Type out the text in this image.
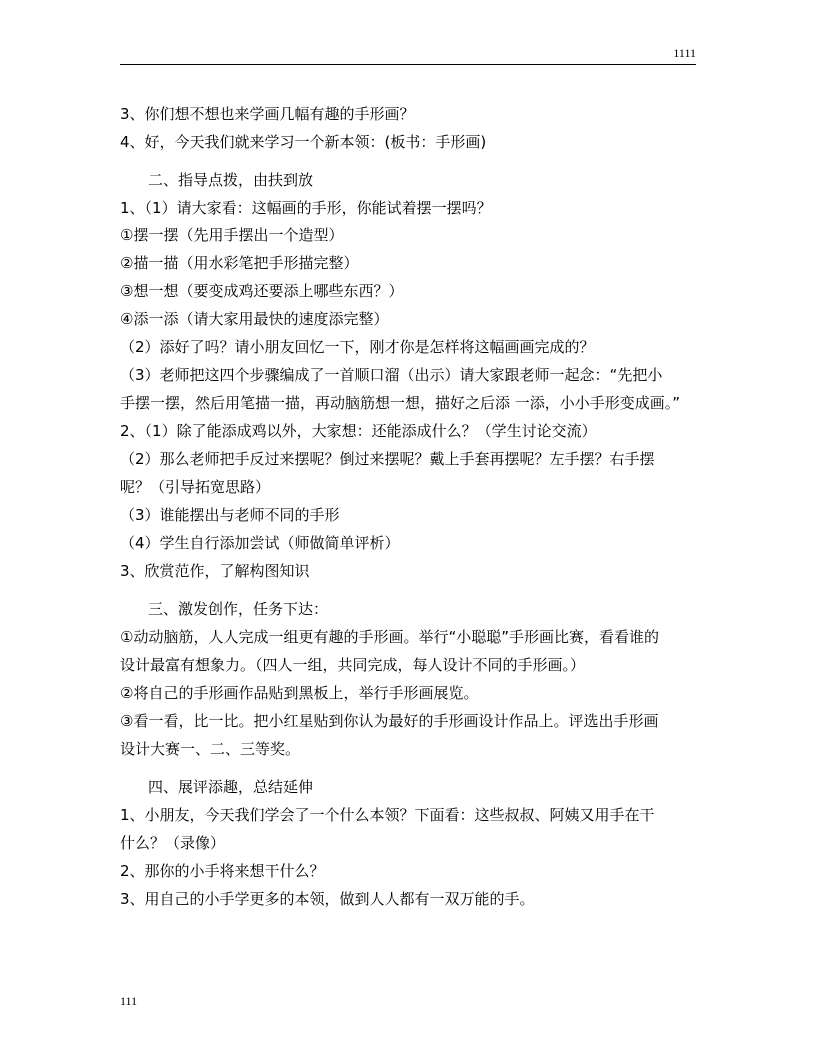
1111
3、你们想不想也来学画几幅有趣的手形画？
4、好，今天我们就来学习一个新本领：(板书：手形画)
二、指导点拨，由扶到放
1、（1）请大家看：这幅画的手形，你能试着摆一摆吗？
①摆一摆（先用手摆出一个造型）
②描一描（用水彩笔把手形描完整）
③想一想（要变成鸡还要添上哪些东西？）
④添一添（请大家用最快的速度添完整）
（2）添好了吗？请小朋友回忆一下，刚才你是怎样将这幅画画完成的？
（3）老师把这四个步骤编成了一首顺口溜（出示）请大家跟老师一起念：“先把小
手摆一摆，然后用笔描一描，再动脑筋想一想，描好之后添 一添，小小手形变成画。”
2、（1）除了能添成鸡以外，大家想：还能添成什么？（学生讨论交流）
（2）那么老师把手反过来摆呢？倒过来摆呢？戴上手套再摆呢？左手摆？右手摆
呢？（引导拓宽思路）
（3）谁能摆出与老师不同的手形
（4）学生自行添加尝试（师做简单评析）
3、欣赏范作，了解构图知识
三、激发创作，任务下达：
①动动脑筋，人人完成一组更有趣的手形画。举行“小聪聪”手形画比赛，看看谁的
设计最富有想象力。（四人一组，共同完成，每人设计不同的手形画。）
②将自己的手形画作品贴到黑板上，举行手形画展览。
③看一看，比一比。把小红星贴到你认为最好的手形画设计作品上。评选出手形画
设计大赛一、二、三等奖。
四、展评添趣，总结延伸
1、小朋友，今天我们学会了一个什么本领？下面看：这些叔叔、阿姨又用手在干
什么？（录像）
2、那你的小手将来想干什么？
3、用自己的小手学更多的本领，做到人人都有一双万能的手。
111
